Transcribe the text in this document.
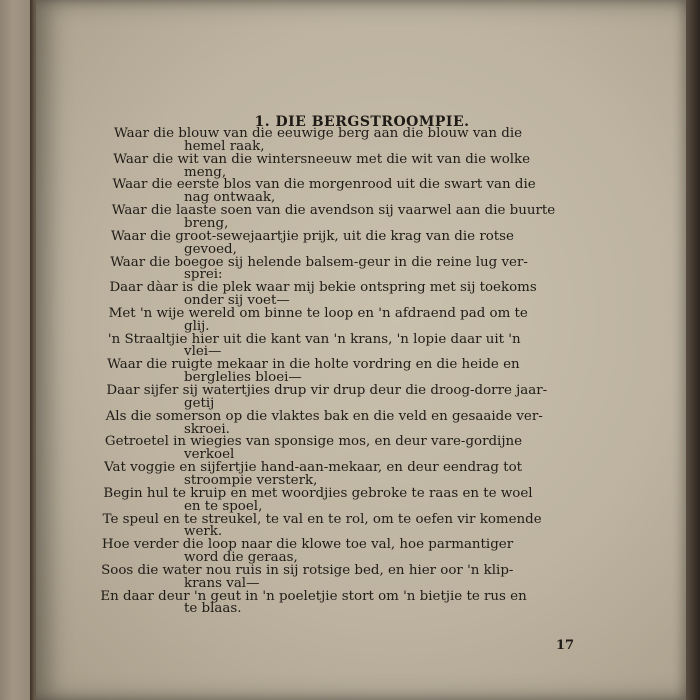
1. DIE BERGSTROOMPIE.
Waar die blouw van die eeuwige berg aan die blouw van die
hemel raak,
Waar die wit van die wintersneeuw met die wit van die wolke
meng,
Waar die eerste blos van die morgenrood uit die swart van die
nag ontwaak,
Waar die laaste soen van die avendson sij vaarwel aan die buurte
breng,
Waar die groot-sewejaartjie prijk, uit die krag van die rotse
gevoed,
Waar die boegoe sij helende balsem-geur in die reine lug ver-
sprei:
Daar dàar is die plek waar mij bekie ontspring met sij toekoms
onder sij voet—
Met 'n wije wereld om binne te loop en 'n afdraend pad om te
glij.
'n Straaltjie hier uit die kant van 'n krans, 'n lopie daar uit 'n
vlei—
Waar die ruigte mekaar in die holte vordring en die heide en
berglelies bloei—
Daar sijfer sij watertjies drup vir drup deur die droog-dorre jaar-
getij
Als die somerson op die vlaktes bak en die veld en gesaaide ver-
skroei.
Getroetel in wiegies van sponsige mos, en deur vare-gordijne
verkoel
Vat voggie en sijfertjie hand-aan-mekaar, en deur eendrag tot
stroompie versterk,
Begin hul te kruip en met woordjies gebroke te raas en te woel
en te spoel,
Te speul en te streukel, te val en te rol, om te oefen vir komende
werk.
Hoe verder die loop naar die klowe toe val, hoe parmantiger
word die geraas,
Soos die water nou ruis in sij rotsige bed, en hier oor 'n klip-
krans val—
En daar deur 'n geut in 'n poeletjie stort om 'n bietjie te rus en
te blaas.
17
